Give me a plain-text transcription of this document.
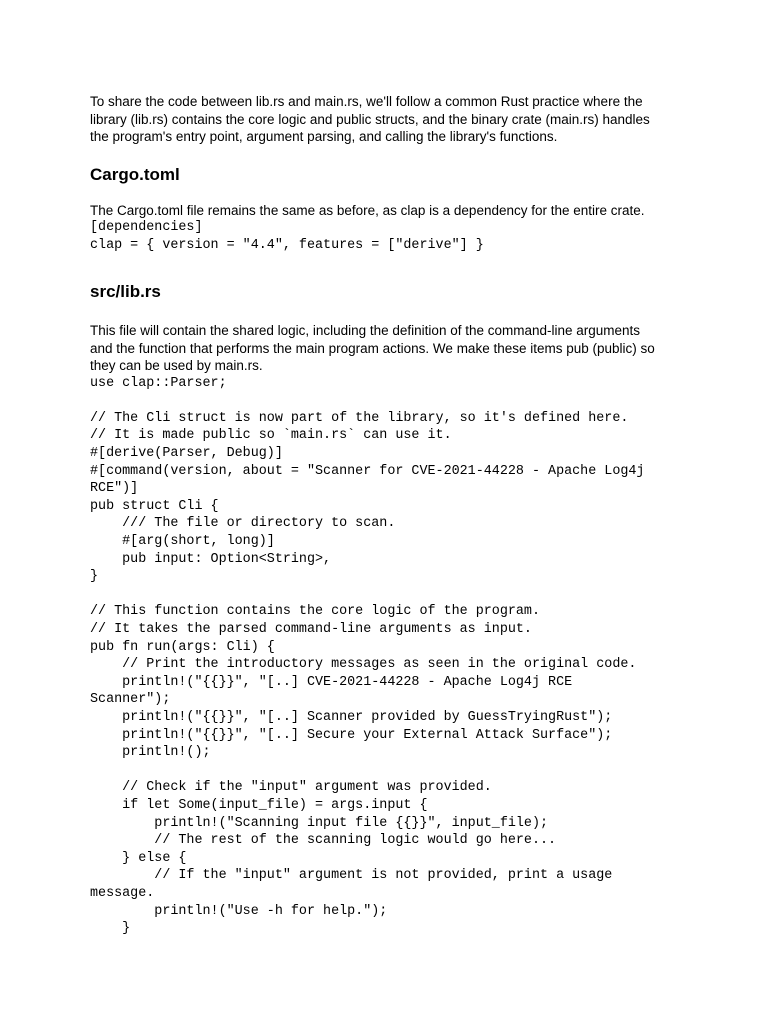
To share the code between lib.rs and main.rs, we'll follow a common Rust practice where the
library (lib.rs) contains the core logic and public structs, and the binary crate (main.rs) handles
the program's entry point, argument parsing, and calling the library's functions.

Cargo.toml

The Cargo.toml file remains the same as before, as clap is a dependency for the entire crate.

[dependencies]
clap = { version = "4.4", features = ["derive"] }
src/lib.rs

This file will contain the shared logic, including the definition of the command-line arguments
and the function that performs the main program actions. We make these items pub (public) so
they can be used by main.rs.

use clap::Parser;

// The Cli struct is now part of the library, so it's defined here.
// It is made public so `main.rs` can use it.
#[derive(Parser, Debug)]
#[command(version, about = "Scanner for CVE-2021-44228 - Apache Log4j
RCE")]
pub struct Cli {
/// The file or directory to scan.
#[arg(short, long)]
pub input: Option<String>,
}

// This function contains the core logic of the program.
// It takes the parsed command-line arguments as input.
pub fn run(args: Cli) {
// Print the introductory messages as seen in the original code.
println!("{{}}", "[..] CVE-2021-44228 - Apache Log4j RCE
Scanner");
println!("{{}}", "[..] Scanner provided by GuessTryingRust");
println!("{{}}", "[..] Secure your External Attack Surface");
println!();

// Check if the "input" argument was provided.
if let Some(input_file) = args.input {
println!("Scanning input file {{}}", input_file);
// The rest of the scanning logic would go here...
} else {
// If the "input" argument is not provided, print a usage
message.
println!("Use -h for help.");
}
